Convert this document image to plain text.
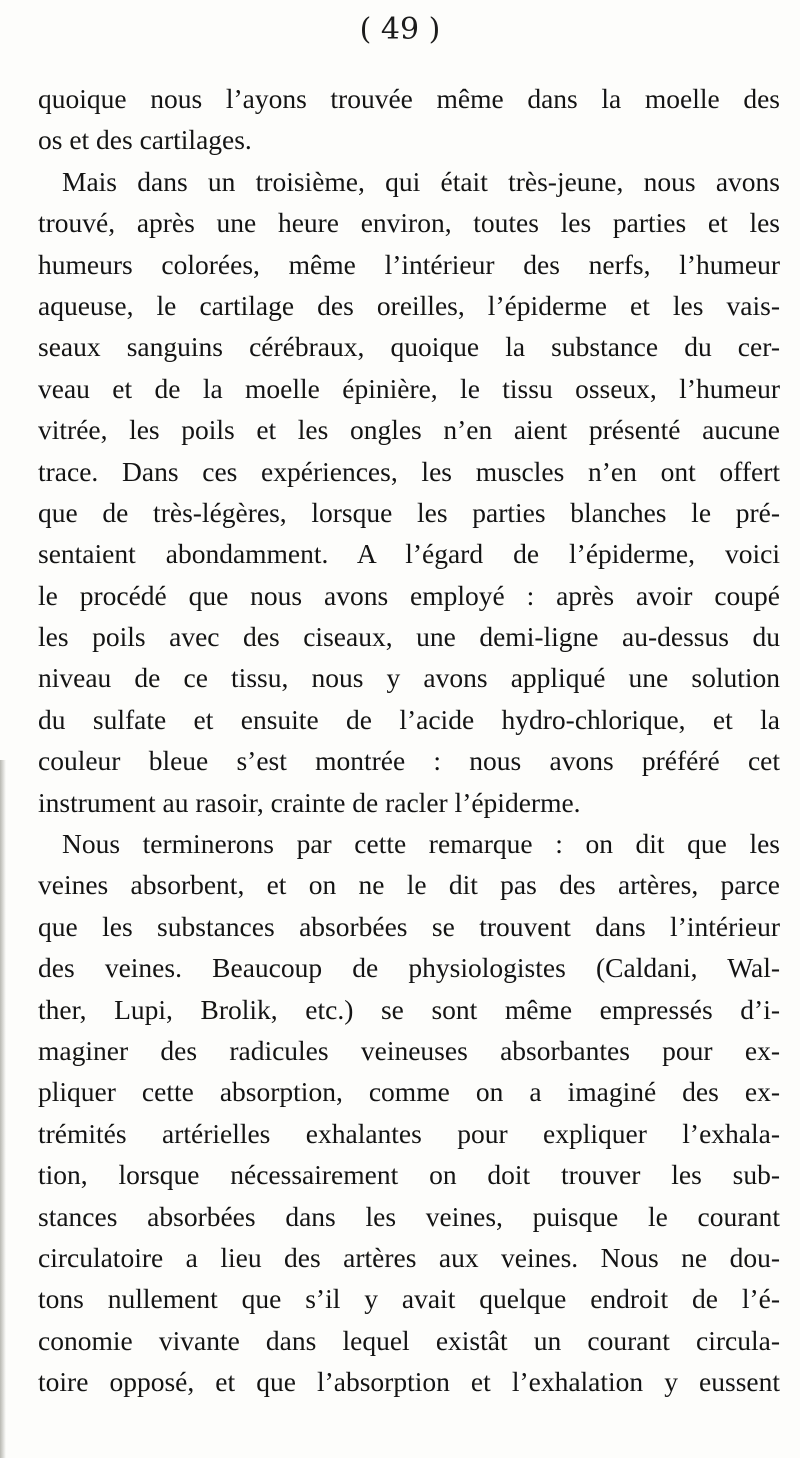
( 49 )
quoique nous l’ayons trouvée même dans la moelle des
os et des cartilages.
Mais dans un troisième, qui était très-jeune, nous avons
trouvé, après une heure environ, toutes les parties et les
humeurs colorées, même l’intérieur des nerfs, l’humeur
aqueuse, le cartilage des oreilles, l’épiderme et les vais-
seaux sanguins cérébraux, quoique la substance du cer-
veau et de la moelle épinière, le tissu osseux, l’humeur
vitrée, les poils et les ongles n’en aient présenté aucune
trace. Dans ces expériences, les muscles n’en ont offert
que de très-légères, lorsque les parties blanches le pré-
sentaient abondamment. A l’égard de l’épiderme, voici
le procédé que nous avons employé : après avoir coupé
les poils avec des ciseaux, une demi-ligne au-dessus du
niveau de ce tissu, nous y avons appliqué une solution
du sulfate et ensuite de l’acide hydro-chlorique, et la
couleur bleue s’est montrée : nous avons préféré cet
instrument au rasoir, crainte de racler l’épiderme.
Nous terminerons par cette remarque : on dit que les
veines absorbent, et on ne le dit pas des artères, parce
que les substances absorbées se trouvent dans l’intérieur
des veines. Beaucoup de physiologistes (Caldani, Wal-
ther, Lupi, Brolik, etc.) se sont même empressés d’i-
maginer des radicules veineuses absorbantes pour ex-
pliquer cette absorption, comme on a imaginé des ex-
trémités artérielles exhalantes pour expliquer l’exhala-
tion, lorsque nécessairement on doit trouver les sub-
stances absorbées dans les veines, puisque le courant
circulatoire a lieu des artères aux veines. Nous ne dou-
tons nullement que s’il y avait quelque endroit de l’é-
conomie vivante dans lequel existât un courant circula-
toire opposé, et que l’absorption et l’exhalation y eussent
